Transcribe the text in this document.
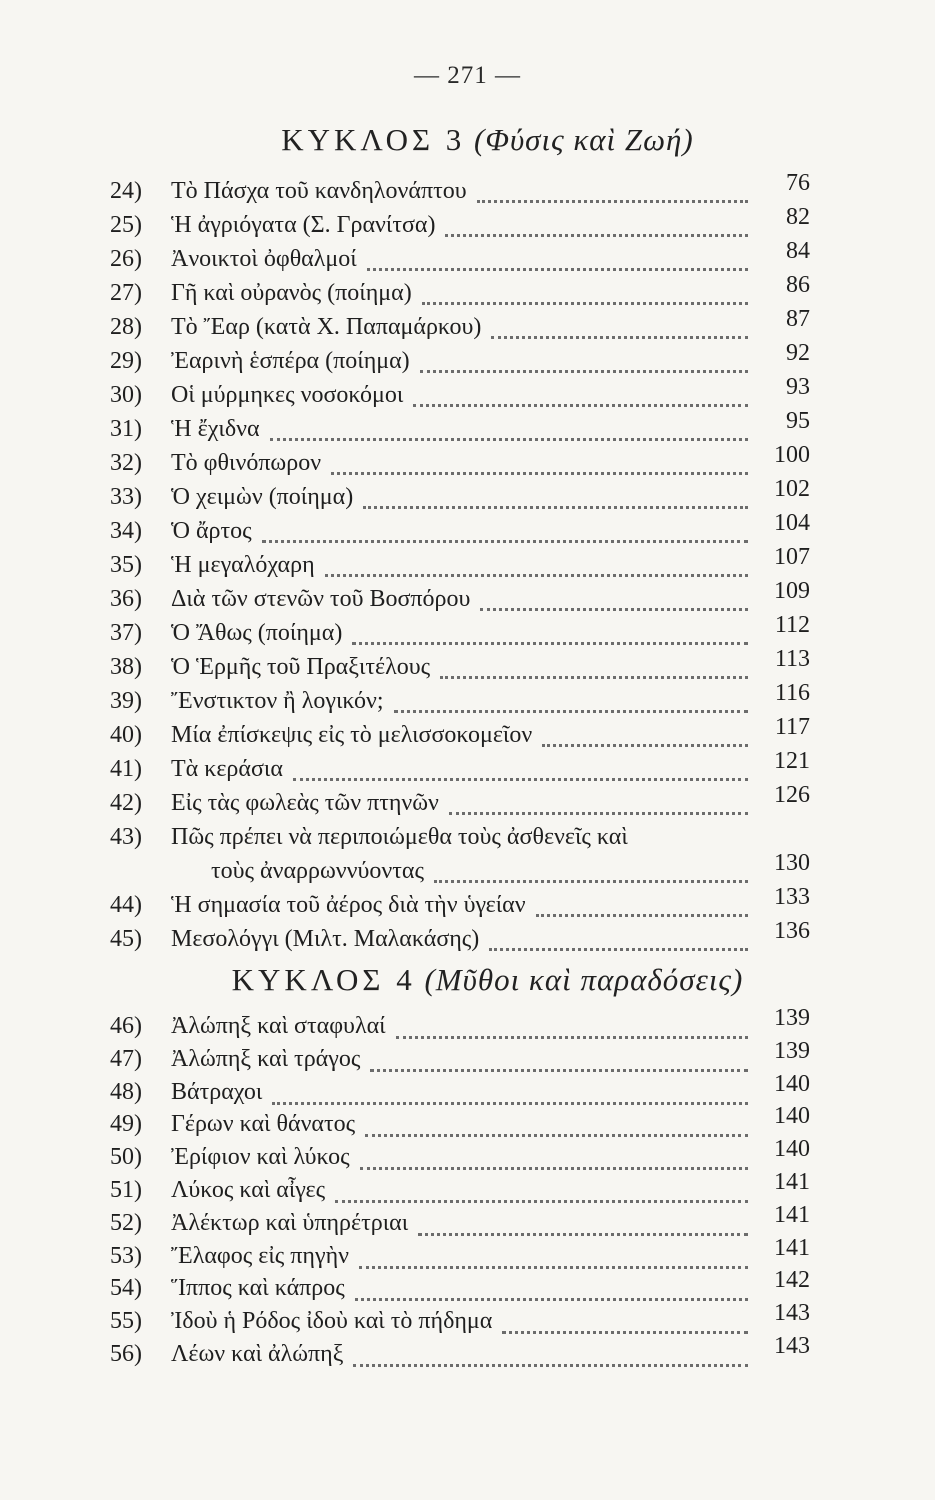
— 271 —
ΚΥΚΛΟΣ 3 (Φύσις καὶ Ζωή)
24)	Τὸ Πάσχα τοῦ κανδηλονάπτου	76
25)	Ἡ ἀγριόγατα (Σ. Γρανίτσα)	82
26)	Ἀνοικτοὶ ὀφθαλμοί	84
27)	Γῆ καὶ οὐρανὸς (ποίημα)	86
28)	Τὸ Ἔαρ (κατὰ Χ. Παπαμάρκου)	87
29)	Ἐαρινὴ ἑσπέρα (ποίημα)	92
30)	Οἱ μύρμηκες νοσοκόμοι	93
31)	Ἡ ἔχιδνα	95
32)	Τὸ φθινόπωρον	100
33)	Ὁ χειμὼν (ποίημα)	102
34)	Ὁ ἄρτος	104
35)	Ἡ μεγαλόχαρη	107
36)	Διὰ τῶν στενῶν τοῦ Βοσπόρου	109
37)	Ὁ Ἄθως (ποίημα)	112
38)	Ὁ Ἑρμῆς τοῦ Πραξιτέλους	113
39)	Ἔνστικτον ἢ λογικόν;	116
40)	Μία ἐπίσκεψις εἰς τὸ μελισσοκομεῖον	117
41)	Τὰ κεράσια	121
42)	Εἰς τὰς φωλεὰς τῶν πτηνῶν	126
43)	Πῶς πρέπει νὰ περιποιώμεθα τοὺς ἀσθενεῖς καὶ
τοὺς ἀναρρωννύοντας	130
44)	Ἡ σημασία τοῦ ἀέρος διὰ τὴν ὑγείαν	133
45)	Μεσολόγγι (Μιλτ. Μαλακάσης)	136
ΚΥΚΛΟΣ 4 (Μῦθοι καὶ παραδόσεις)
46)	Ἀλώπηξ καὶ σταφυλαί	139
47)	Ἀλώπηξ καὶ τράγος	139
48)	Βάτραχοι	140
49)	Γέρων καὶ θάνατος	140
50)	Ἐρίφιον καὶ λύκος	140
51)	Λύκος καὶ αἶγες	141
52)	Ἀλέκτωρ καὶ ὑπηρέτριαι	141
53)	Ἔλαφος εἰς πηγὴν	141
54)	Ἵππος καὶ κάπρος	142
55)	Ἰδοὺ ἡ Ρόδος ἰδοὺ καὶ τὸ πήδημα	143
56)	Λέων καὶ ἀλώπηξ	143
